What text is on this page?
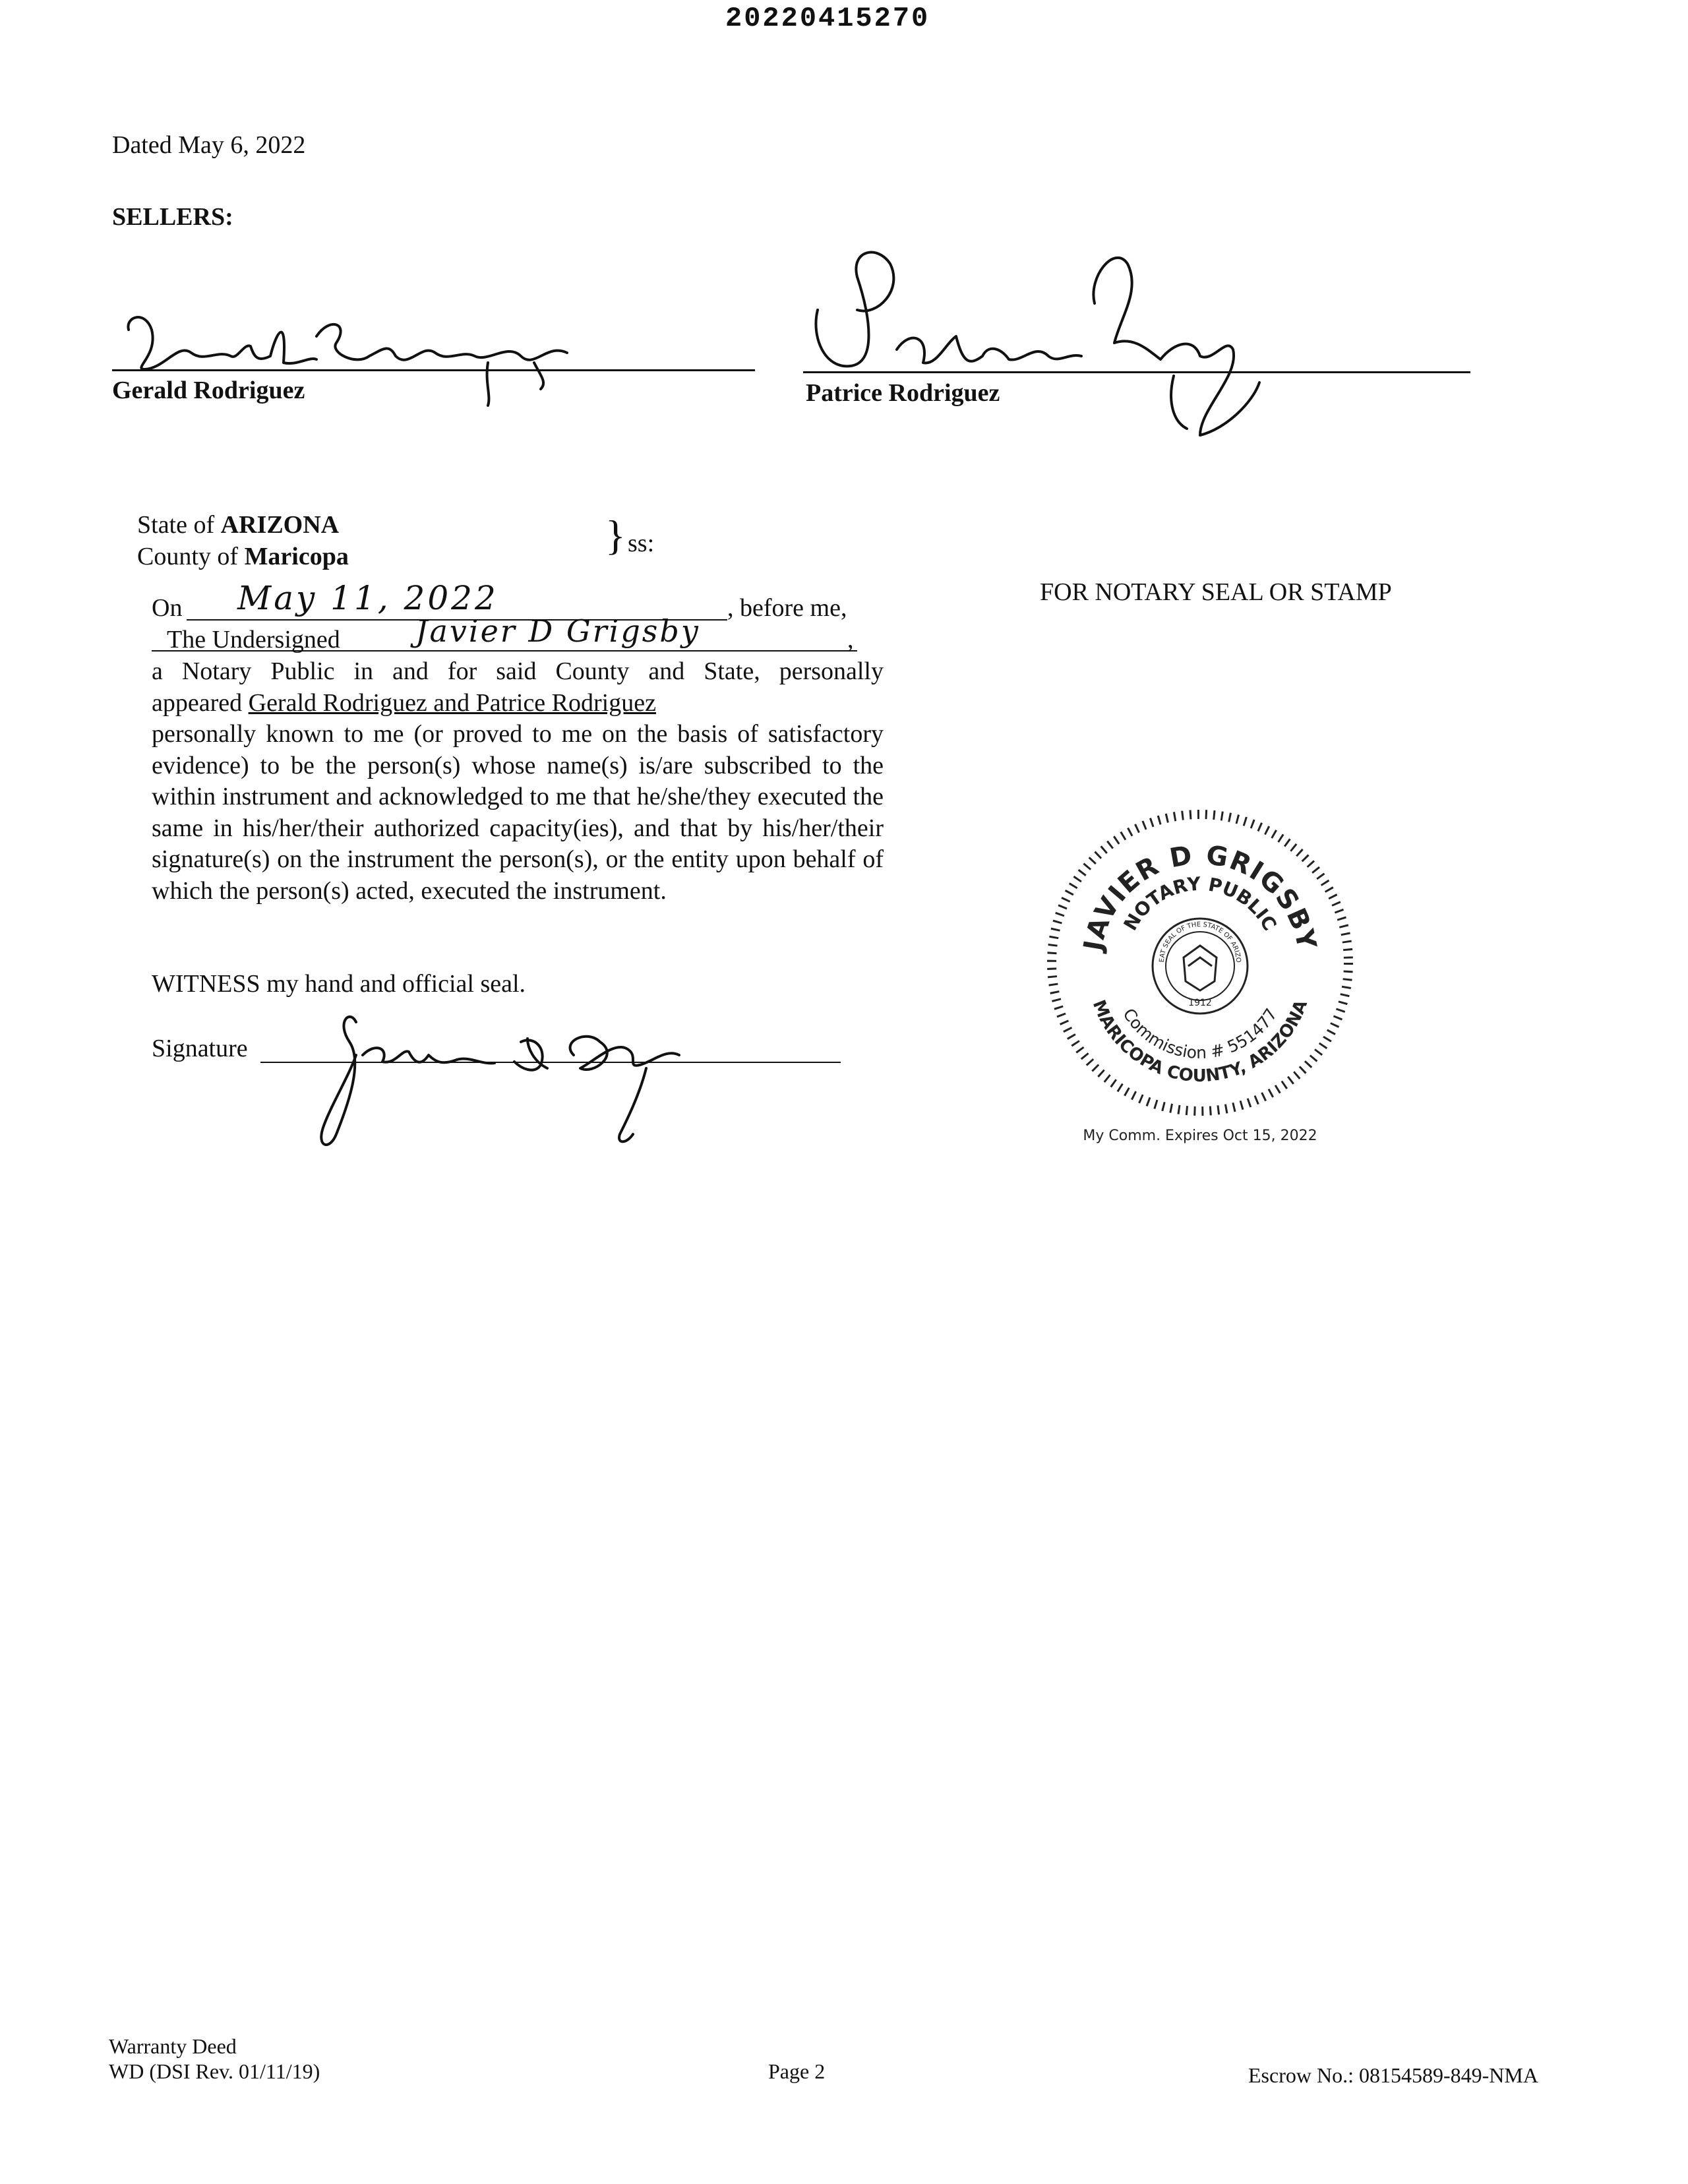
20220415270
Dated May 6, 2022
SELLERS:
Gerald Rodriguez	Patrice Rodriguez
State of ARIZONA
County of Maricopa	} ss:
On May 11, 2022	, before me,
The Undersigned Javier D Grigsby	,
a Notary Public in and for said County and State, personally
appeared Gerald Rodriguez and Patrice Rodriguez
personally known to me (or proved to me on the basis of satisfactory evidence) to be the person(s) whose name(s) is/are subscribed to the within instrument and acknowledged to me that he/she/they executed the same in his/her/their authorized capacity(ies), and that by his/her/their signature(s) on the instrument the person(s), or the entity upon behalf of which the person(s) acted, executed the instrument.
WITNESS my hand and official seal.
Signature
FOR NOTARY SEAL OR STAMP
JAVIER D GRIGSBY
NOTARY PUBLIC
Commission # 551477
MARICOPA COUNTY, ARIZONA
EAT SEAL OF THE STATE OF ARIZO
1912
My Comm. Expires Oct 15, 2022
Warranty Deed
WD (DSI Rev. 01/11/19)	Page 2	Escrow No.: 08154589-849-NMA
